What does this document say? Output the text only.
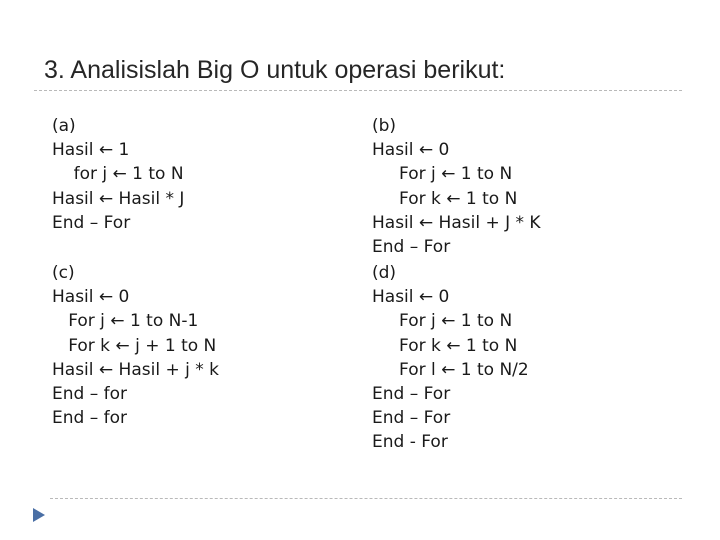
3. Analisislah Big O untuk operasi berikut:
(a)
Hasil ← 1
for j ← 1 to N
Hasil ← Hasil * J
End – For
(b)
Hasil ← 0
For j ← 1 to N
For k ← 1 to N
Hasil ← Hasil + J * K
End – For
(c)
Hasil ← 0
For j ← 1 to N-1
For k ← j + 1 to N
Hasil ← Hasil + j * k
End – for
End – for
(d)
Hasil ← 0
For j ← 1 to N
For k ← 1 to N
For l ← 1 to N/2
End – For
End – For
End - For
